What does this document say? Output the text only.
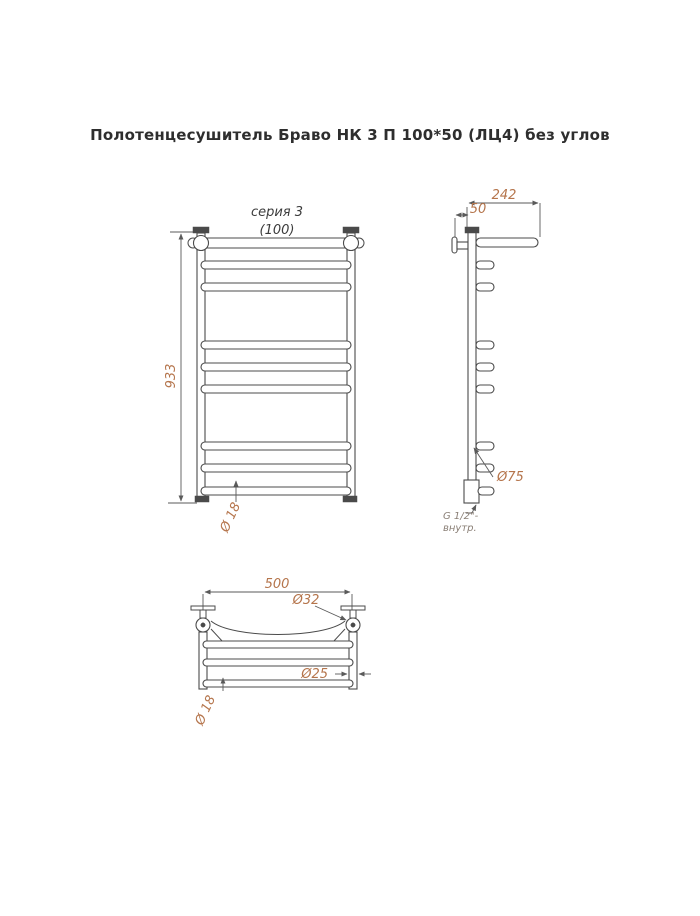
Полотенцесушитель Браво НК 3 П 100*50 (ЛЦ4) без углов
933
серия 3
(100)
Ø 18
242
50
Ø75
G 1/2"-
внутр.
500
Ø32
Ø25
Ø 18
